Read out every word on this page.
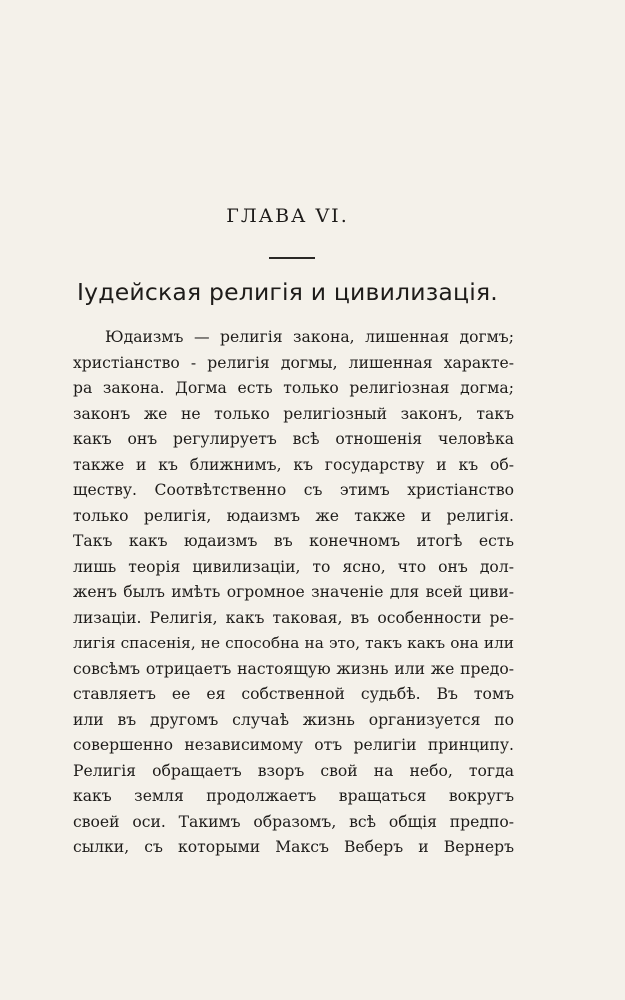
ГЛАВА VI.
Іудейская религія и цивилизація.
Юдаизмъ — религія закона, лишенная догмъ;
христіанство - религія догмы, лишенная характе-
ра закона. Догма есть только религіозная догма;
законъ же не только религіозный законъ, такъ
какъ онъ регулируетъ всѣ отношенія человѣка
также и къ ближнимъ, къ государству и къ об-
ществу. Соотвѣтственно съ этимъ христіанство
только религія, юдаизмъ же также и религія.
Такъ какъ юдаизмъ въ конечномъ итогѣ есть
лишь теорія цивилизаціи, то ясно, что онъ дол-
женъ былъ имѣть огромное значеніе для всей циви-
лизаціи. Религія, какъ таковая, въ особенности ре-
лигія спасенія, не способна на это, такъ какъ она или
совсѣмъ отрицаетъ настоящую жизнь или же предо-
ставляетъ ее ея собственной судьбѣ. Въ томъ
или въ другомъ случаѣ жизнь организуется по
совершенно независимому отъ религіи принципу.
Религія обращаетъ взоръ свой на небо, тогда
какъ земля продолжаетъ вращаться вокругъ
своей оси. Такимъ образомъ, всѣ общія предпо-
сылки, съ которыми Максъ Веберъ и Вернеръ
